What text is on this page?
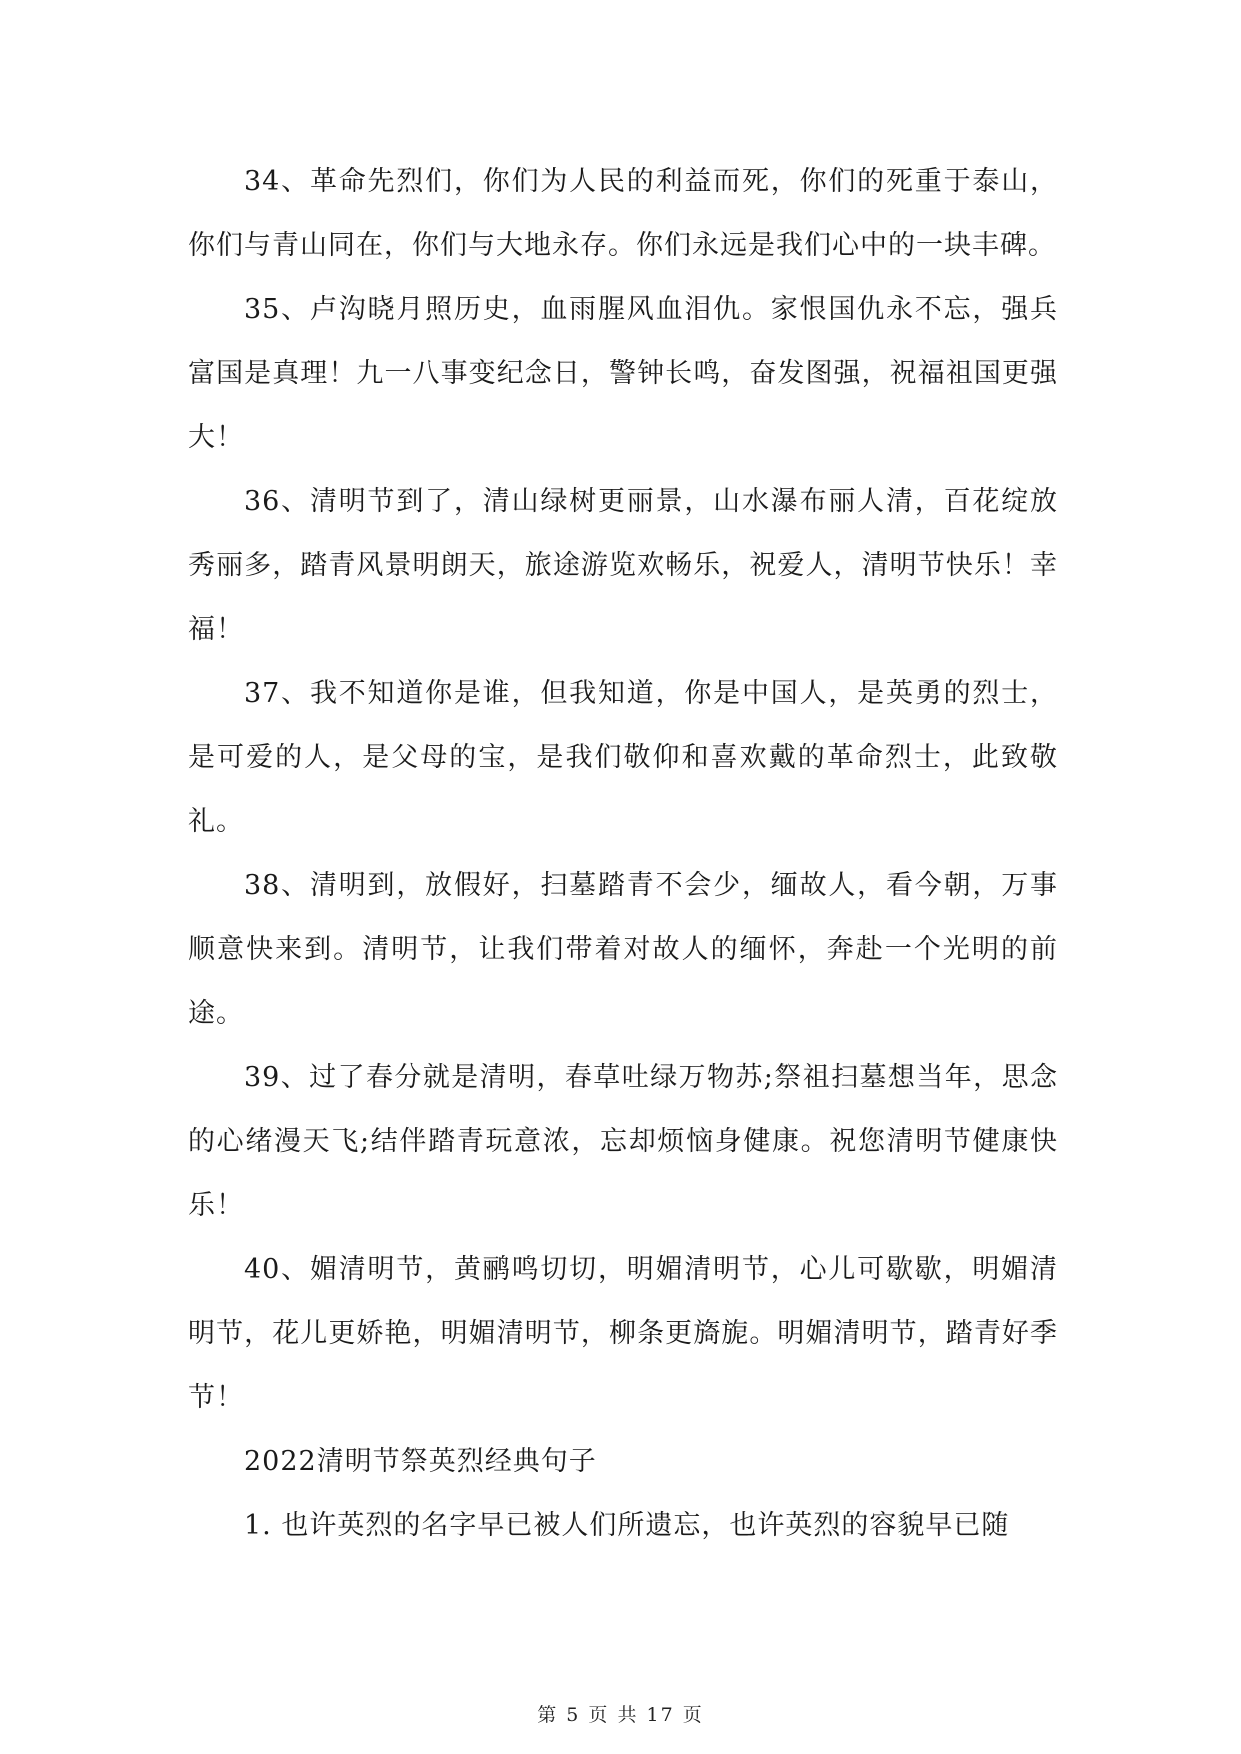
34、革命先烈们，你们为人民的利益而死，你们的死重于泰山，你们与青山同在，你们与大地永存。你们永远是我们心中的一块丰碑。

35、卢沟晓月照历史，血雨腥风血泪仇。家恨国仇永不忘，强兵富国是真理！九一八事变纪念日，警钟长鸣，奋发图强，祝福祖国更强大！

36、清明节到了，清山绿树更丽景，山水瀑布丽人清，百花绽放秀丽多，踏青风景明朗天，旅途游览欢畅乐，祝爱人，清明节快乐！幸福！

37、我不知道你是谁，但我知道，你是中国人，是英勇的烈士，是可爱的人，是父母的宝，是我们敬仰和喜欢戴的革命烈士，此致敬礼。

38、清明到，放假好，扫墓踏青不会少，缅故人，看今朝，万事顺意快来到。清明节，让我们带着对故人的缅怀，奔赴一个光明的前途。

39、过了春分就是清明，春草吐绿万物苏;祭祖扫墓想当年，思念的心绪漫天飞;结伴踏青玩意浓，忘却烦恼身健康。祝您清明节健康快乐！

40、媚清明节，黄鹂鸣切切，明媚清明节，心儿可歇歇，明媚清明节，花儿更娇艳，明媚清明节，柳条更旖旎。明媚清明节，踏青好季节！

2022清明节祭英烈经典句子

1. 也许英烈的名字早已被人们所遗忘，也许英烈的容貌早已随

第 5 页 共 17 页
